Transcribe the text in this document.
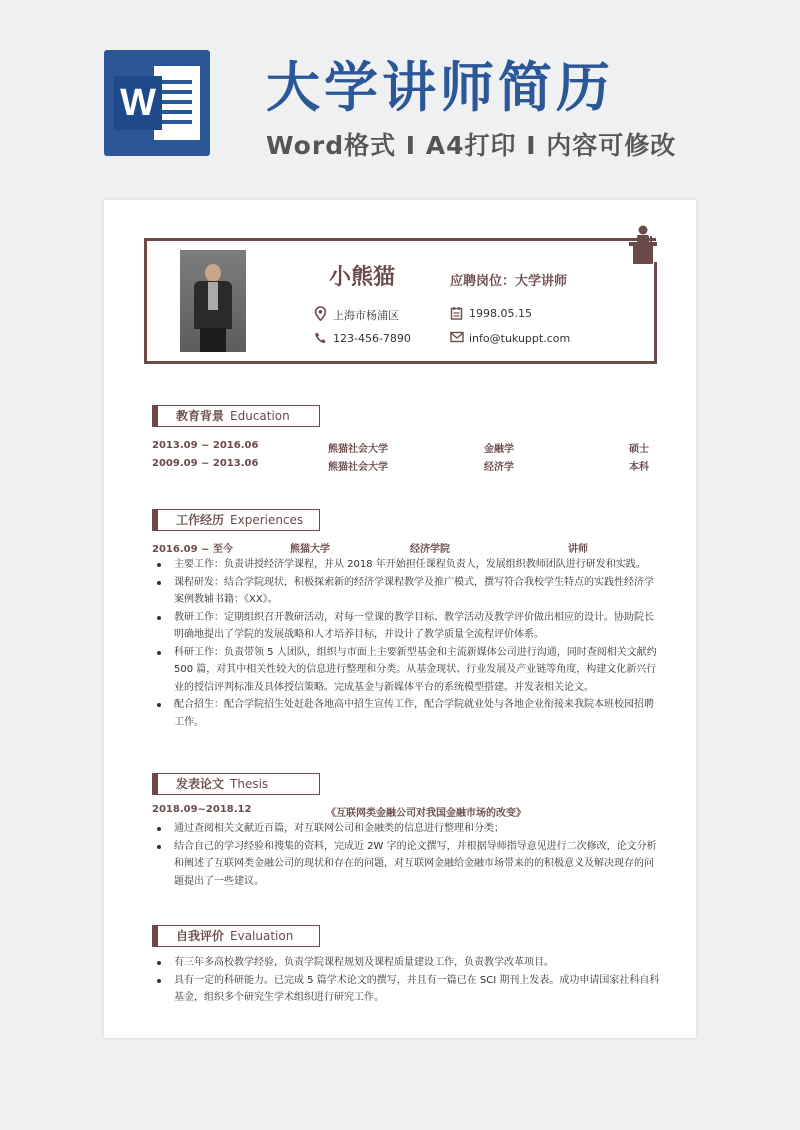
W 大学讲师简历
Word格式 I A4打印 I 内容可修改
小熊猫	应聘岗位：大学讲师
上海市杨浦区
123-456-7890
1998.05.15
info@tukuppt.com
教育背景 Education
2013.09 ~ 2016.06	熊猫社会大学	金融学	硕士
2009.09 ~ 2013.06	熊猫社会大学	经济学	本科
工作经历 Experiences
2016.09 ~ 至今	熊猫大学	经济学院	讲师
主要工作：负责讲授经济学课程，并从 2018 年开始担任课程负责人，发展组织教师团队进行研发和实践。
课程研发：结合学院现状，积极探索新的经济学课程教学及推广模式，撰写符合我校学生特点的实践性经济学案例教辅书籍：《XX》。
教研工作：定期组织召开教研活动，对每一堂课的教学目标、教学活动及教学评价做出相应的设计。协助院长明确地提出了学院的发展战略和人才培养目标，并设计了教学质量全流程评价体系。
科研工作：负责带领 5 人团队，组织与市面上主要新型基金和主流新媒体公司进行沟通，同时查阅相关文献约 500 篇，对其中相关性较大的信息进行整理和分类。从基金现状、行业发展及产业链等角度，构建文化新兴行业的授信评判标准及具体授信策略。完成基金与新媒体平台的系统模型搭建。并发表相关论文。
配合招生：配合学院招生处赶赴各地高中招生宣传工作，配合学院就业处与各地企业衔接来我院本班校园招聘工作。
发表论文 Thesis
2018.09~2018.12	《互联网类金融公司对我国金融市场的改变》
通过查阅相关文献近百篇，对互联网公司和金融类的信息进行整理和分类；
结合自己的学习经验和搜集的资料，完成近 2W 字的论文撰写，并根据导师指导意见进行二次修改，论文分析和阐述了互联网类金融公司的现状和存在的问题，对互联网金融给金融市场带来的的积极意义及解决现存的问题提出了一些建议。
自我评价 Evaluation
有三年多高校教学经验，负责学院课程规划及课程质量建设工作，负责教学改革项目。
具有一定的科研能力。已完成 5 篇学术论文的撰写，并且有一篇已在 SCI 期刊上发表。成功申请国家社科自科基金，组织多个研究生学术组织进行研究工作。
